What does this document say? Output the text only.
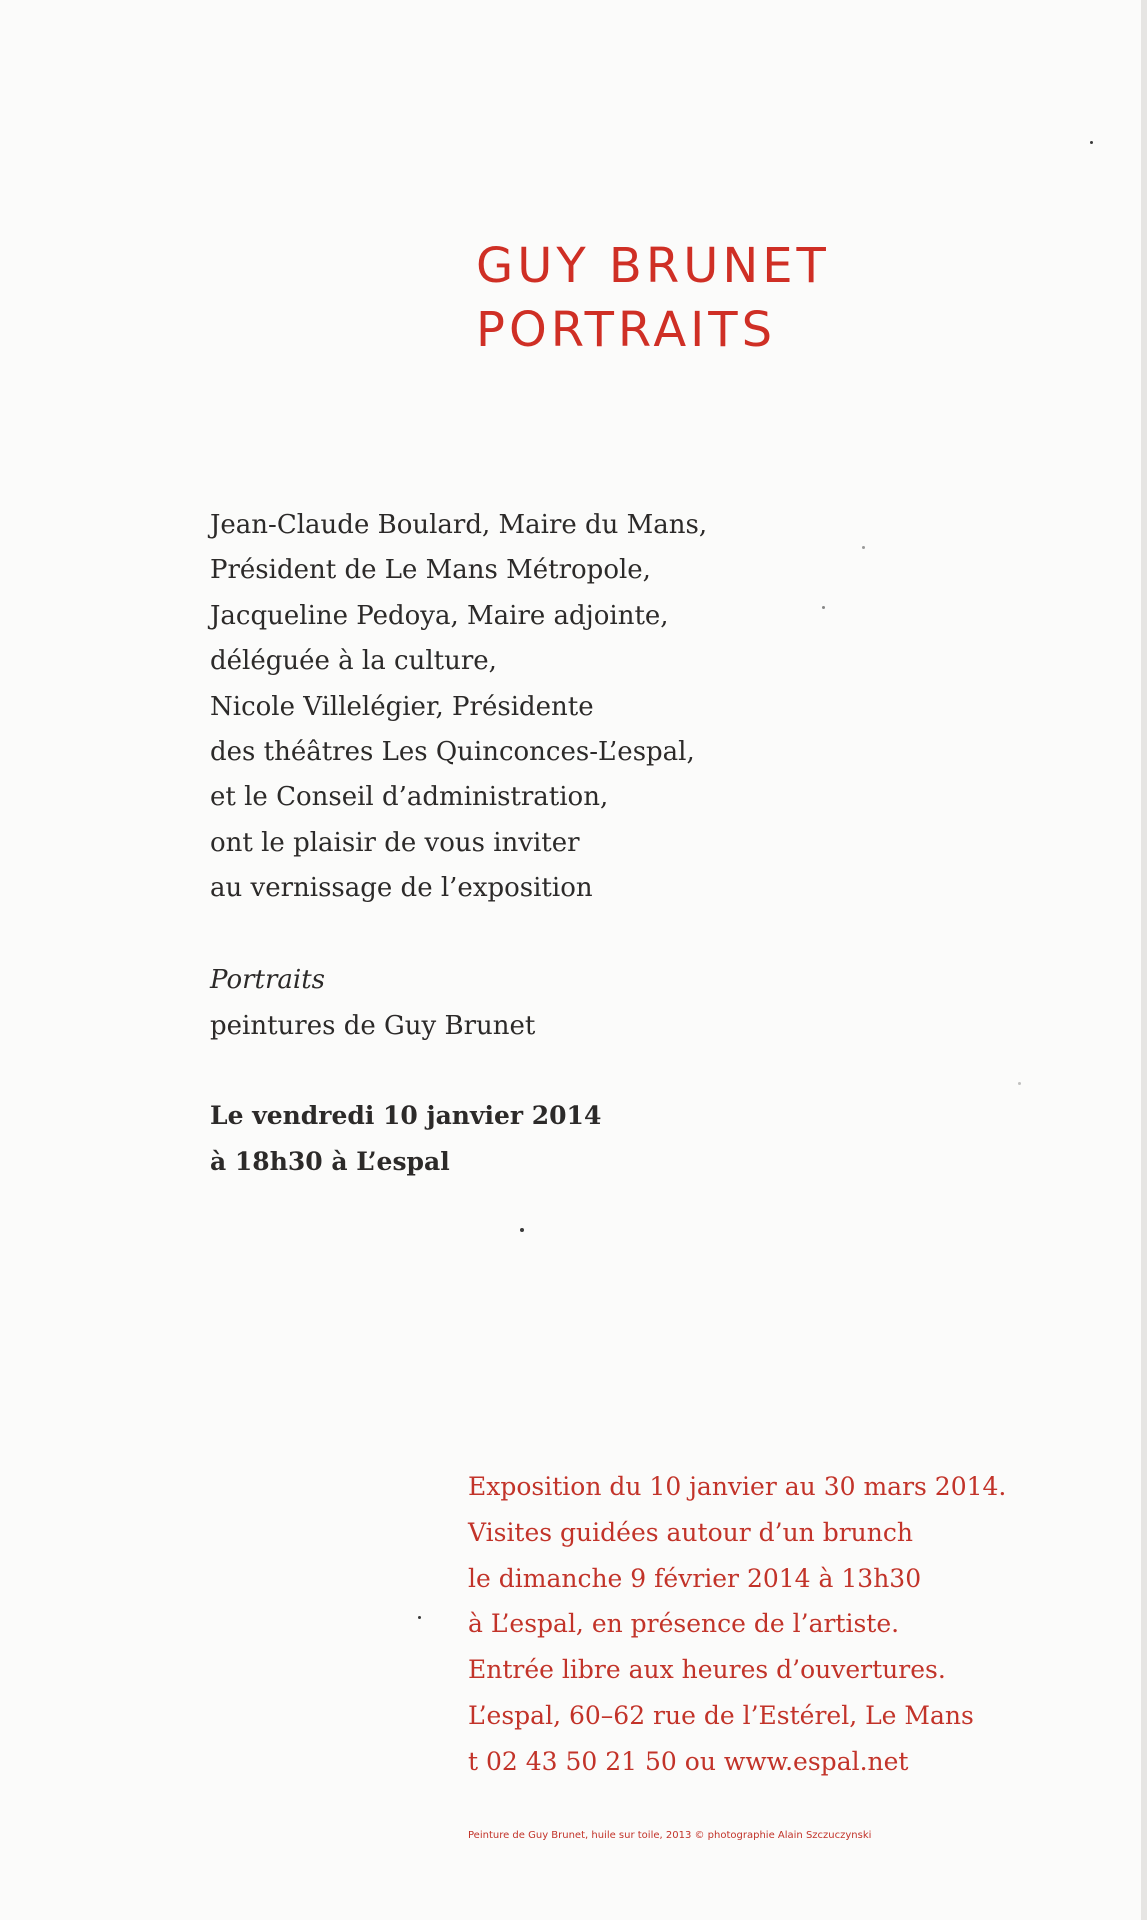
GUY BRUNET
PORTRAITS
Jean-Claude Boulard, Maire du Mans,
Président de Le Mans Métropole,
Jacqueline Pedoya, Maire adjointe,
déléguée à la culture,
Nicole Villelégier, Présidente
des théâtres Les Quinconces-L’espal,
et le Conseil d’administration,
ont le plaisir de vous inviter
au vernissage de l’exposition
Portraits
peintures de Guy Brunet
Le vendredi 10 janvier 2014
à 18h30 à L’espal
Exposition du 10 janvier au 30 mars 2014.
Visites guidées autour d’un brunch
le dimanche 9 février 2014 à 13h30
à L’espal, en présence de l’artiste.
Entrée libre aux heures d’ouvertures.
L’espal, 60–62 rue de l’Estérel, Le Mans
t 02 43 50 21 50 ou www.espal.net
Peinture de Guy Brunet, huile sur toile, 2013 © photographie Alain Szczuczynski
